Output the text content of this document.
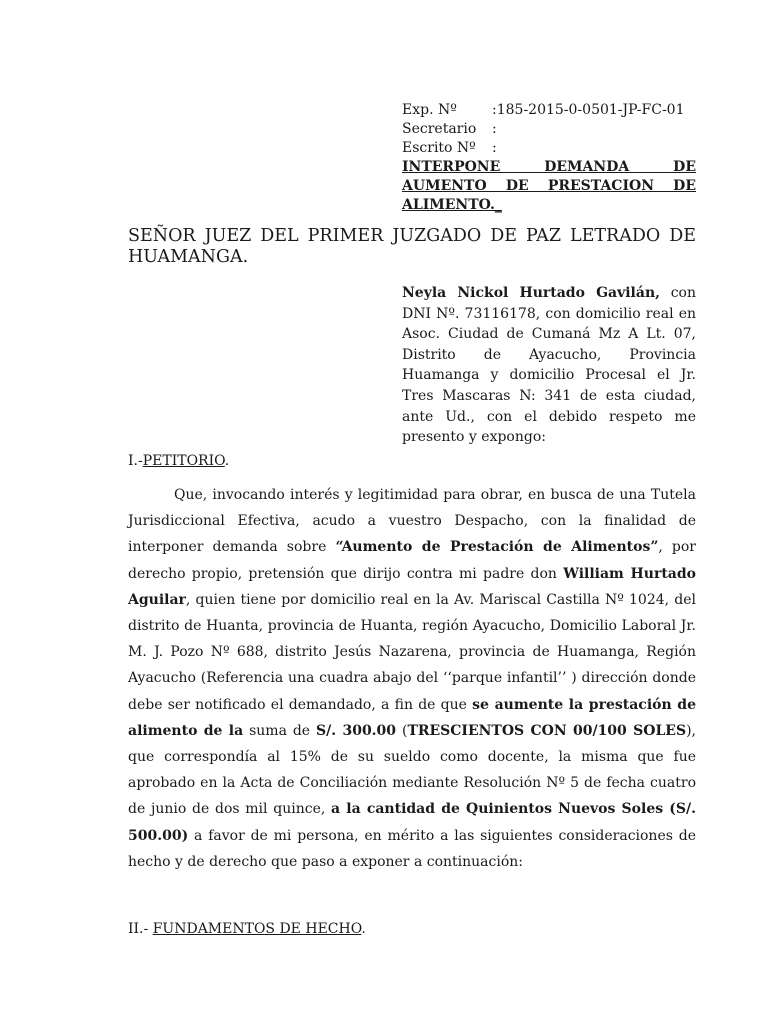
Exp. Nº	:185-2015-0-0501-JP-FC-01
Secretario	:
Escrito Nº	:
INTERPONE DEMANDA DE
AUMENTO DE PRESTACION DE
ALIMENTO._
SEÑOR JUEZ DEL PRIMER JUZGADO DE PAZ LETRADO DE HUAMANGA.
Neyla Nickol Hurtado Gavilán, con DNI Nº. 73116178, con domicilio real en Asoc. Ciudad de Cumaná Mz A Lt. 07, Distrito de Ayacucho, Provincia Huamanga y domicilio Procesal el Jr. Tres Mascaras N: 341 de esta ciudad, ante Ud., con el debido respeto me presento y expongo:
I.-PETITORIO.

Que, invocando interés y legitimidad para obrar, en busca de una Tutela Jurisdiccional Efectiva, acudo a vuestro Despacho, con la finalidad de interponer demanda sobre “Aumento de Prestación de Alimentos”, por derecho propio, pretensión que dirijo contra mi padre don William Hurtado Aguilar, quien tiene por domicilio real en la Av. Mariscal Castilla Nº 1024, del distrito de Huanta, provincia de Huanta, región Ayacucho, Domicilio Laboral Jr. M. J. Pozo Nº 688, distrito Jesús Nazarena, provincia de Huamanga, Región Ayacucho (Referencia una cuadra abajo del ‘‘parque infantil’’ ) dirección donde debe ser notificado el demandado, a fin de que se aumente la prestación de alimento de la suma de S/. 300.00 (TRESCIENTOS CON 00/100 SOLES), que correspondía al 15% de su sueldo como docente, la misma que fue aprobado en la Acta de Conciliación mediante Resolución Nº 5 de fecha cuatro de junio de dos mil quince, a la cantidad de Quinientos Nuevos Soles (S/. 500.00) a favor de mi persona, en mérito a las siguientes consideraciones de hecho y de derecho que paso a exponer a continuación:

II.- FUNDAMENTOS DE HECHO.
